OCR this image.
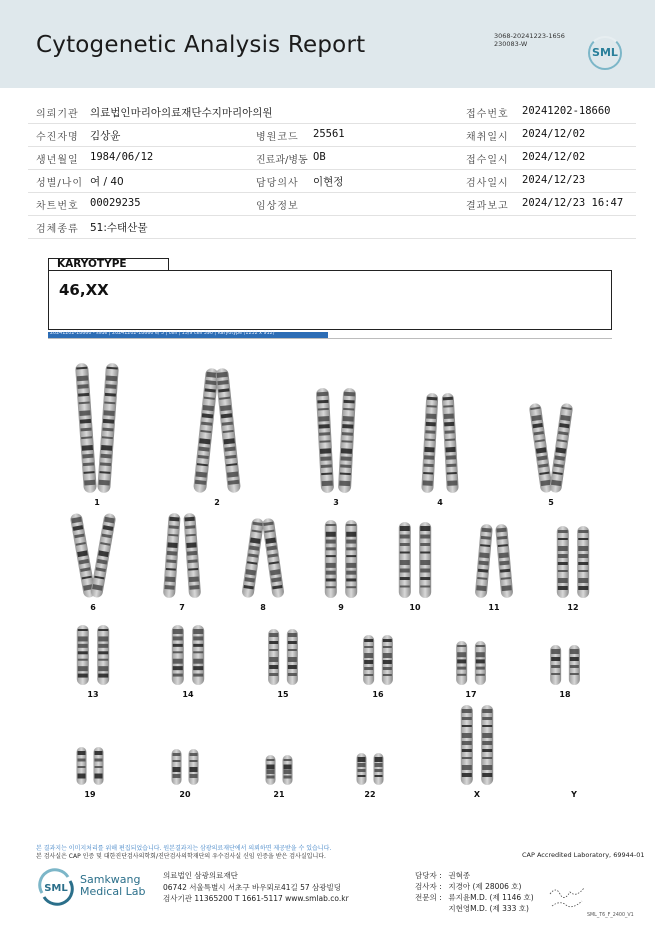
Cytogenetic Analysis Report	3068-20241223-1656
230083-W
SML
의뢰기관 의료법인마리아의료재단수지마리아의원	접수번호 20241202-18660
수진자명 김상윤	병원코드 25561	채취일시 2024/12/02
생년월일 1984/06/12	진료과/병동 OB	접수일시 2024/12/02
성별/나이 여 / 40	담당의사 이현정	검사일시 2024/12/23
차트번호 00029235	임상정보	결과보고 2024/12/23 16:47
검체종류 51:수태산물
KARYOTYPE
46,XX
20241202-18660 - slide | 20241202-18660 e/ 5 | cell | 15/9 cell 390 | Karyotype (1232 x 912)
1	2	3	4	5
6	7	8	9	10	11	12
13	14	15	16	17	18
19	20	21	22	X	Y
본 결과지는 이미지처리를 위해 편집되었습니다. 원본결과지는 삼광의료재단에서 의뢰하면 제공받을 수 있습니다.
본 검사실은 CAP 인증 및 대한진단검사의학회/진단검사의학재단의 우수검사실 신임 인증을 받은 검사실입니다.	CAP Accredited Laboratory, 69944-01
SML
Samkwang
Medical Lab
의료법인 삼광의료재단
06742 서울특별시 서초구 바우뫼로41길 57 삼광빌딩
검사기관 11365200 T 1661-5117 www.smlab.co.kr
담당자 : 권혁종
검사자 : 지경아 (제 28006 호)
전문의 : 류지윤M.D. (제 1146 호)
지현영M.D. (제 333 호)
SML_T6_F_2400_V1
